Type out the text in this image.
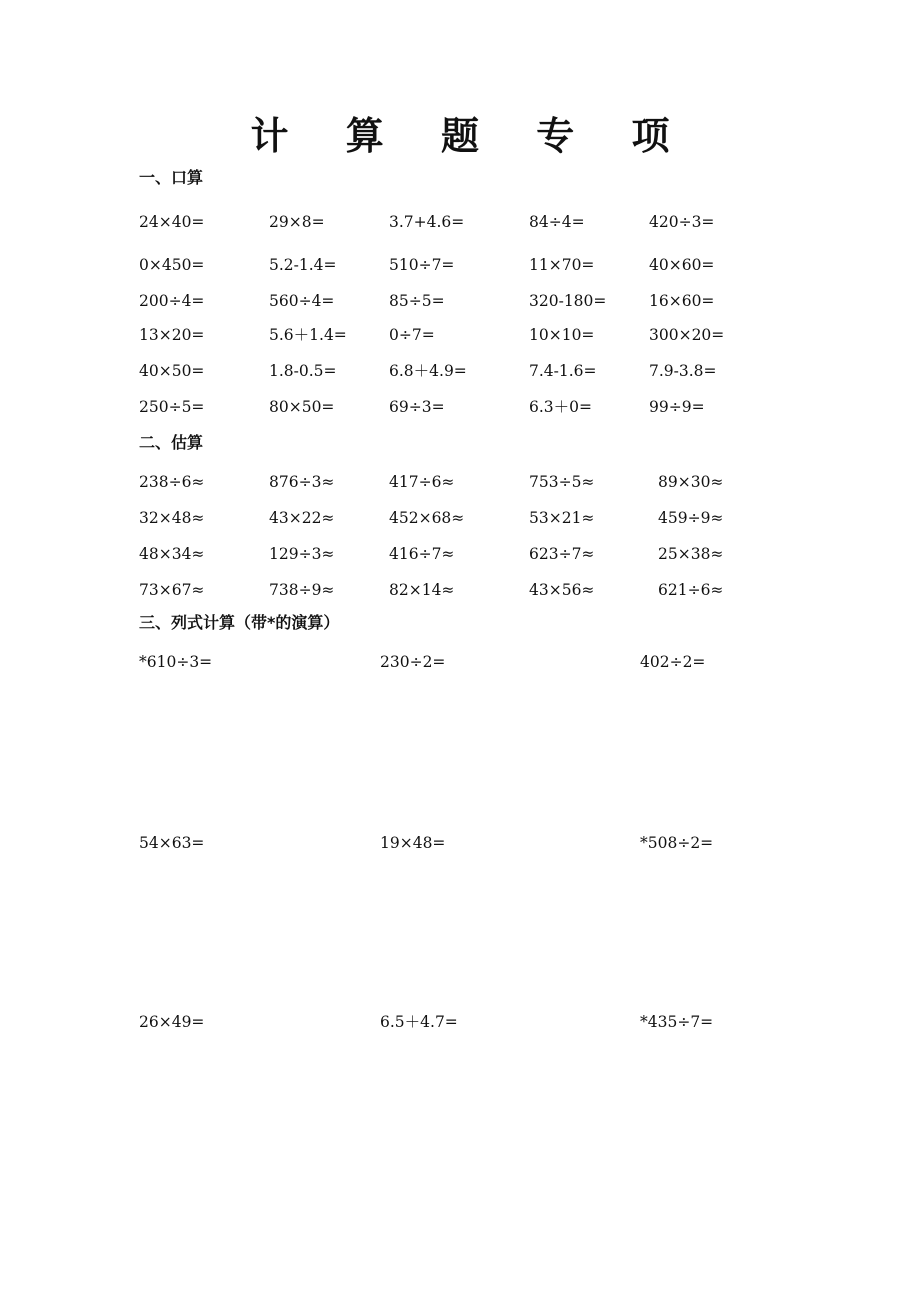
计 算 题 专 项
一、口算
24×40=	29×8=	3.7+4.6=	84÷4=	420÷3=
0×450=	5.2-1.4=	510÷7=	11×70=	40×60=
200÷4=	560÷4=	85÷5=	320-180=	16×60=
13×20=	5.6＋1.4=	0÷7=	10×10=	300×20=
40×50=	1.8-0.5=	6.8＋4.9=	7.4-1.6=	7.9-3.8=
250÷5=	80×50=	69÷3=	6.3＋0=	99÷9=
二、估算
238÷6≈	876÷3≈	417÷6≈	753÷5≈	89×30≈
32×48≈	43×22≈	452×68≈	53×21≈	459÷9≈
48×34≈	129÷3≈	416÷7≈	623÷7≈	25×38≈
73×67≈	738÷9≈	82×14≈	43×56≈	621÷6≈
三、列式计算（带*的演算）
*610÷3=	230÷2=	402÷2=
54×63=	19×48=	*508÷2=
26×49=	6.5＋4.7=	*435÷7=
